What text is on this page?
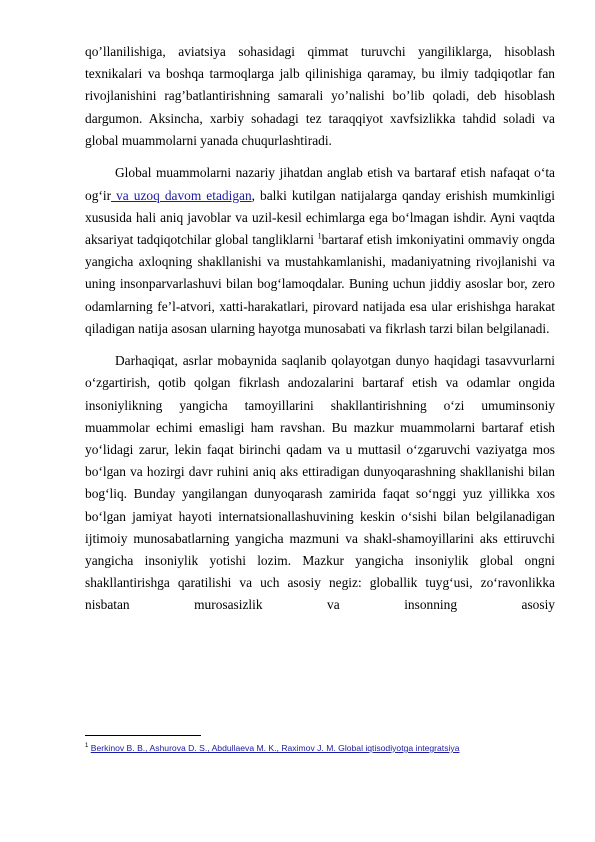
qo’llanilishiga, aviatsiya sohasidagi qimmat turuvchi yangiliklarga, hisoblash texnikalari va boshqa tarmoqlarga jalb qilinishiga qaramay, bu ilmiy tadqiqotlar fan rivojlanishini rag’batlantirishning samarali yo’nalishi bo’lib qoladi, deb hisoblash dargumon. Aksincha, xarbiy sohadagi tez taraqqiyot xavfsizlikka tahdid soladi va global muammolarni yanada chuqurlashtiradi.

Global muammolarni nazariy jihatdan anglab etish va bartaraf etish nafaqat o‘ta og‘ir va uzoq davom etadigan, balki kutilgan natijalarga qanday erishish mumkinligi xususida hali aniq javoblar va uzil-kesil echimlarga ega bo‘lmagan ishdir. Ayni vaqtda aksariyat tadqiqotchilar global tangliklarni $^1$bartaraf etish imkoniyatini ommaviy ongda yangicha axloqning shakllanishi va mustahkamlanishi, madaniyatning rivojlanishi va uning insonparvarlashuvi bilan bog‘lamoqdalar. Buning uchun jiddiy asoslar bor, zero odamlarning fe’l-atvori, xatti-harakatlari, pirovard natijada esa ular erishishga harakat qiladigan natija asosan ularning hayotga munosabati va fikrlash tarzi bilan belgilanadi.

Darhaqiqat, asrlar mobaynida saqlanib qolayotgan dunyo haqidagi tasavvurlarni o‘zgartirish, qotib qolgan fikrlash andozalarini bartaraf etish va odamlar ongida insoniylikning yangicha tamoyillarini shakllantirishning o‘zi umuminsoniy muammolar echimi emasligi ham ravshan. Bu mazkur muammolarni bartaraf etish yo‘lidagi zarur, lekin faqat birinchi qadam va u muttasil o‘zgaruvchi vaziyatga mos bo‘lgan va hozirgi davr ruhini aniq aks ettiradigan dunyoqarashning shakllanishi bilan bog‘liq. Bunday yangilangan dunyoqarash zamirida faqat so‘nggi yuz yillikka xos bo‘lgan jamiyat hayoti internatsionallashuvining keskin o‘sishi bilan belgilanadigan ijtimoiy munosabatlarning yangicha mazmuni va shakl-shamoyillarini aks ettiruvchi yangicha insoniylik yotishi lozim. Mazkur yangicha insoniylik global ongni shakllantirishga qaratilishi va uch asosiy negiz: globallik tuyg‘usi, zo‘ravonlikka nisbatan murosasizlik va insonning asosiy

$^1$ Berkinov B. B., Ashurova D. S., Abdullaeva M. K., Raximov J. M. Global iqtisodiyotga integratsiya
